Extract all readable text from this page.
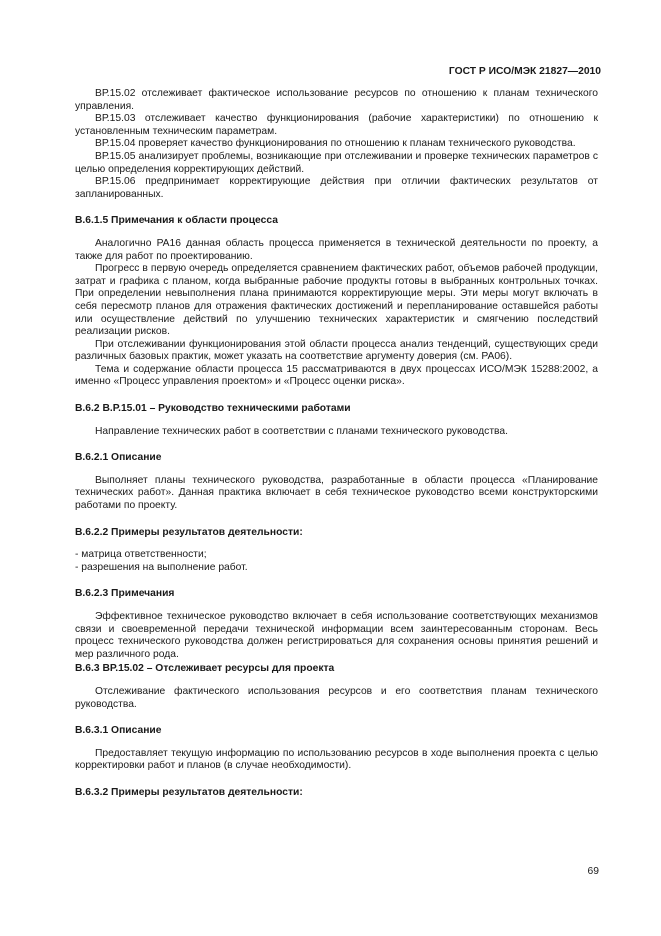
ГОСТ Р ИСО/МЭК 21827—2010

ВР.15.02 отслеживает фактическое использование ресурсов по отношению к планам технического управления.

ВР.15.03 отслеживает качество функционирования (рабочие характеристики) по отношению к установленным техническим параметрам.

ВР.15.04 проверяет качество функционирования по отношению к планам технического руководства.

ВР.15.05 анализирует проблемы, возникающие при отслеживании и проверке технических параметров с целью определения корректирующих действий.

ВР.15.06 предпринимает корректирующие действия при отличии фактических результатов от запланированных.

В.6.1.5 Примечания к области процесса

Аналогично PA16 данная область процесса применяется в технической деятельности по проекту, а также для работ по проектированию.

Прогресс в первую очередь определяется сравнением фактических работ, объемов рабочей продукции, затрат и графика с планом, когда выбранные рабочие продукты готовы в выбранных контрольных точках. При определении невыполнения плана принимаются корректирующие меры. Эти меры могут включать в себя пересмотр планов для отражения фактических достижений и перепланирование оставшейся работы или осуществление действий по улучшению технических характеристик и смягчению последствий реализации рисков.

При отслеживании функционирования этой области процесса анализ тенденций, существующих среди различных базовых практик, может указать на соответствие аргументу доверия (см. PA06).

Тема и содержание области процесса 15 рассматриваются в двух процессах ИСО/МЭК 15288:2002, а именно «Процесс управления проектом» и «Процесс оценки риска».

В.6.2 В.Р.15.01 – Руководство техническими работами

Направление технических работ в соответствии с планами технического руководства.

В.6.2.1 Описание

Выполняет планы технического руководства, разработанные в области процесса «Планирование технических работ». Данная практика включает в себя техническое руководство всеми конструкторскими работами по проекту.

В.6.2.2 Примеры результатов деятельности:

- матрица ответственности;

- разрешения на выполнение работ.

В.6.2.3 Примечания

Эффективное техническое руководство включает в себя использование соответствующих механизмов связи и своевременной передачи технической информации всем заинтересованным сторонам. Весь процесс технического руководства должен регистрироваться для сохранения основы принятия решений и мер различного рода.

В.6.3 ВР.15.02 – Отслеживает ресурсы для проекта

Отслеживание фактического использования ресурсов и его соответствия планам технического руководства.

В.6.3.1 Описание

Предоставляет текущую информацию по использованию ресурсов в ходе выполнения проекта с целью корректировки работ и планов (в случае необходимости).

В.6.3.2 Примеры результатов деятельности:

69
